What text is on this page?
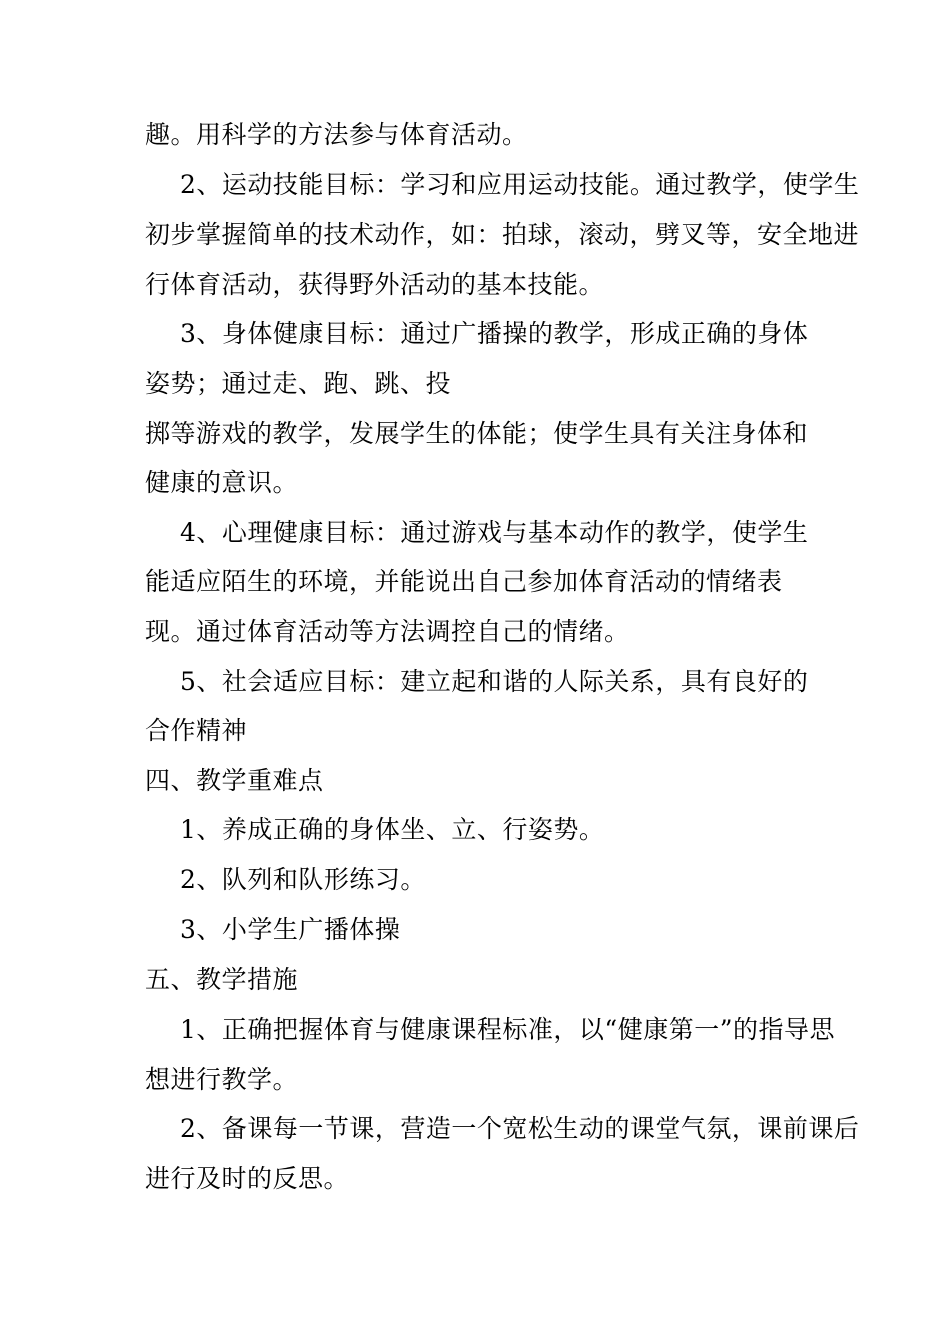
趣。用科学的方法参与体育活动。
2、运动技能目标：学习和应用运动技能。通过教学，使学生
初步掌握简单的技术动作，如：拍球，滚动，劈叉等，安全地进
行体育活动，获得野外活动的基本技能。
3、身体健康目标：通过广播操的教学，形成正确的身体
姿势；通过走、跑、跳、投
掷等游戏的教学，发展学生的体能；使学生具有关注身体和
健康的意识。
4、心理健康目标：通过游戏与基本动作的教学，使学生
能适应陌生的环境，并能说出自己参加体育活动的情绪表
现。通过体育活动等方法调控自己的情绪。
5、社会适应目标：建立起和谐的人际关系，具有良好的
合作精神
四、教学重难点
1、养成正确的身体坐、立、行姿势。
2、队列和队形练习。
3、小学生广播体操
五、教学措施
1、正确把握体育与健康课程标准，以“健康第一”的指导思
想进行教学。
2、备课每一节课，营造一个宽松生动的课堂气氛，课前课后
进行及时的反思。
